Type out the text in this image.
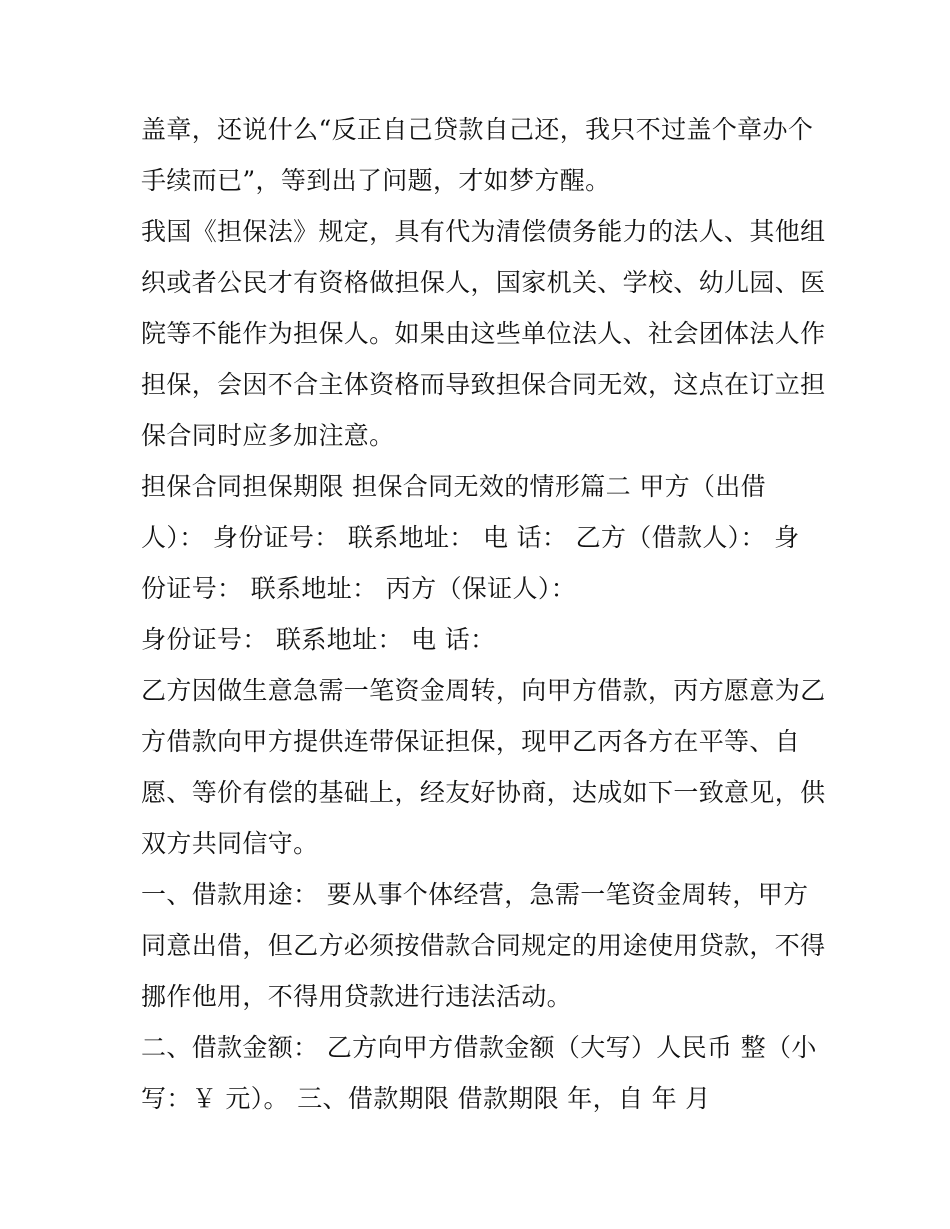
盖章，还说什么“反正自己贷款自己还，我只不过盖个章办个
手续而已”，等到出了问题，才如梦方醒。
我国《担保法》规定，具有代为清偿债务能力的法人、其他组
织或者公民才有资格做担保人，国家机关、学校、幼儿园、医
院等不能作为担保人。如果由这些单位法人、社会团体法人作
担保，会因不合主体资格而导致担保合同无效，这点在订立担
保合同时应多加注意。
担保合同担保期限 担保合同无效的情形篇二 甲方（出借
人）： 身份证号： 联系地址： 电 话： 乙方（借款人）： 身
份证号： 联系地址： 丙方（保证人）：
身份证号： 联系地址： 电 话：
乙方因做生意急需一笔资金周转，向甲方借款，丙方愿意为乙
方借款向甲方提供连带保证担保，现甲乙丙各方在平等、自
愿、等价有偿的基础上，经友好协商，达成如下一致意见，供
双方共同信守。
一、借款用途： 要从事个体经营，急需一笔资金周转，甲方
同意出借，但乙方必须按借款合同规定的用途使用贷款，不得
挪作他用，不得用贷款进行违法活动。
二、借款金额： 乙方向甲方借款金额（大写）人民币 整（小
写：￥ 元）。 三、借款期限 借款期限 年，自 年 月
